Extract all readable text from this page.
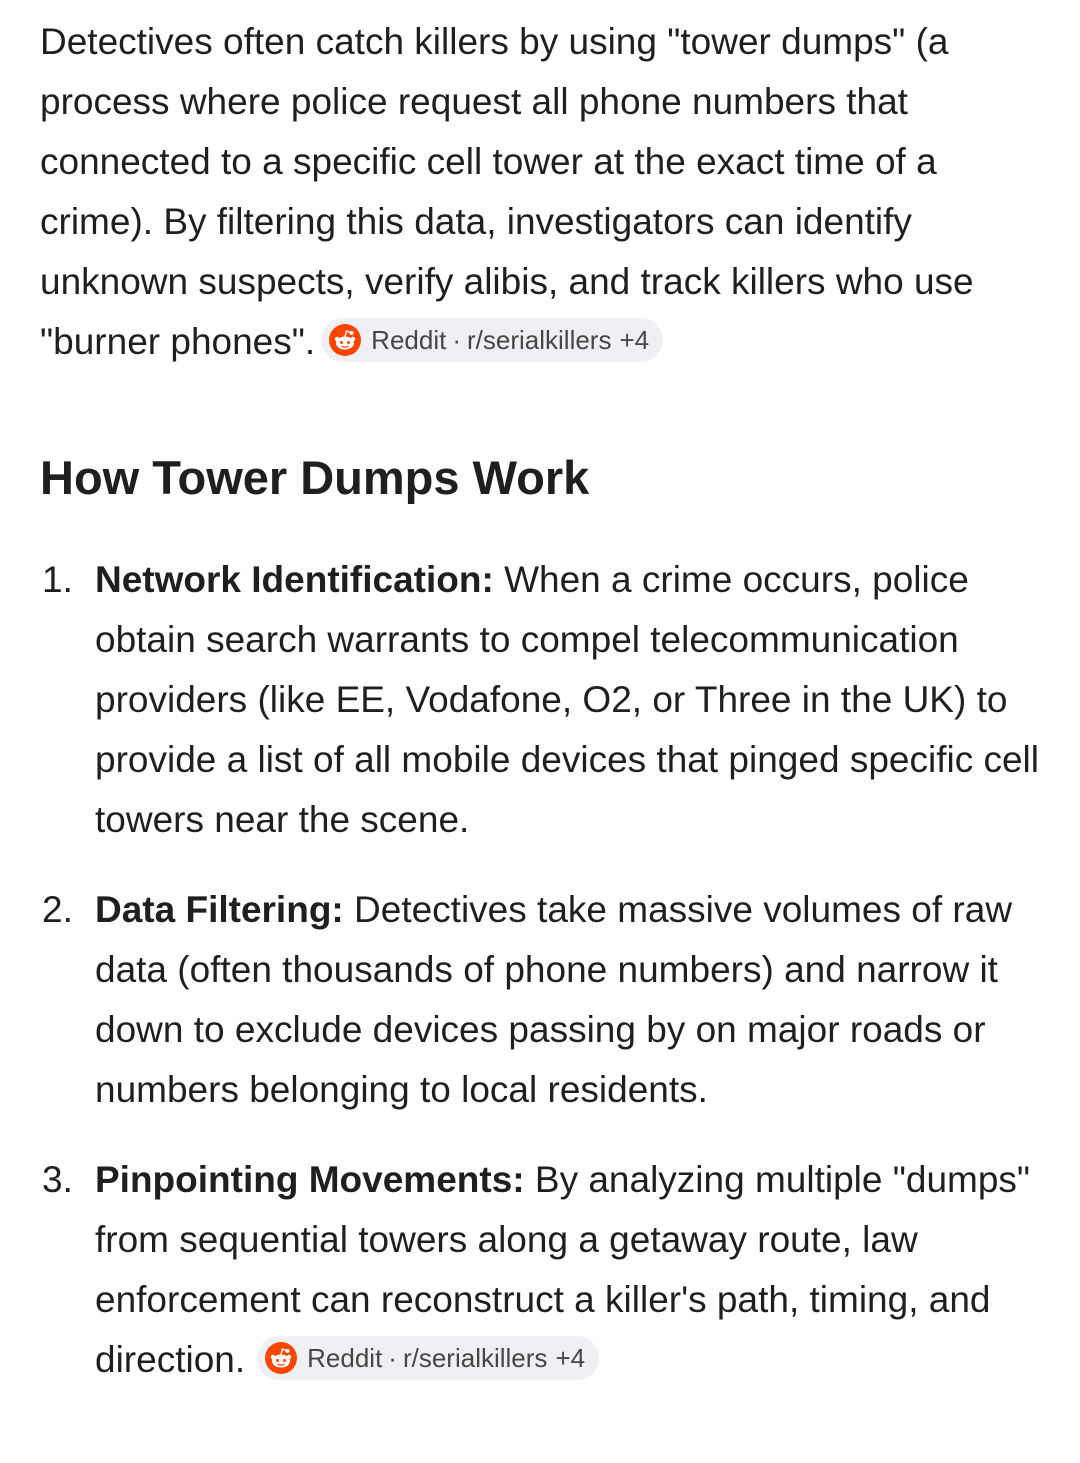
Detectives often catch killers by using "tower dumps" (a process where police request all phone numbers that connected to a specific cell tower at the exact time of a crime). By filtering this data, investigators can identify unknown suspects, verify alibis, and track killers who use "burner phones". Reddit · r/serialkillers +4

How Tower Dumps Work
1. Network Identification: When a crime occurs, police obtain search warrants to compel telecommunication providers (like EE, Vodafone, O2, or Three in the UK) to provide a list of all mobile devices that pinged specific cell towers near the scene.
2. Data Filtering: Detectives take massive volumes of raw data (often thousands of phone numbers) and narrow it down to exclude devices passing by on major roads or numbers belonging to local residents.
3. Pinpointing Movements: By analyzing multiple "dumps" from sequential towers along a getaway route, law enforcement can reconstruct a killer's path, timing, and direction. Reddit · r/serialkillers +4
